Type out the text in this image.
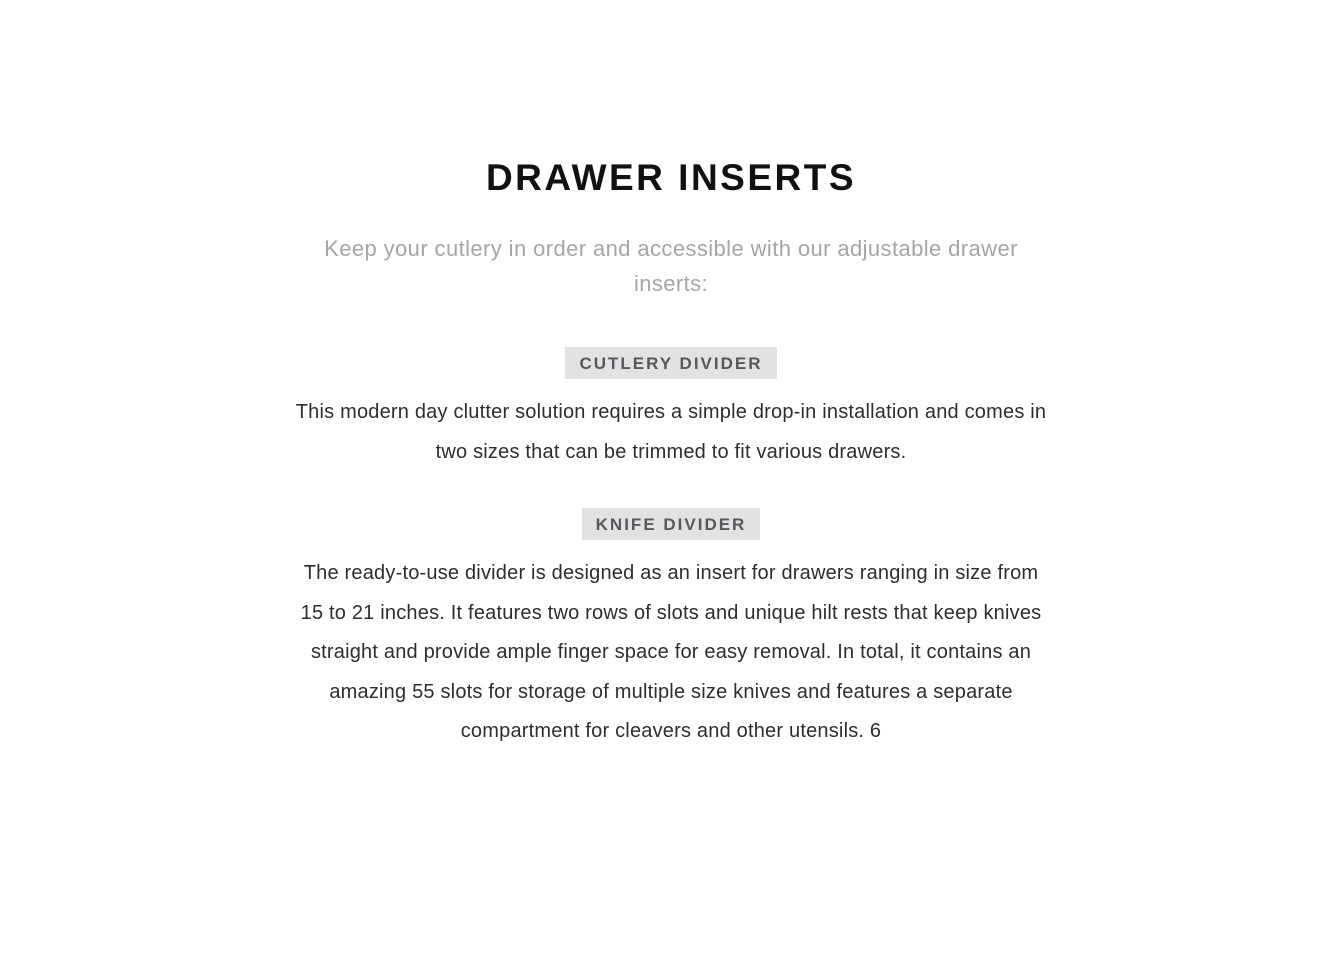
DRAWER INSERTS

Keep your cutlery in order and accessible with our adjustable drawer inserts:

CUTLERY DIVIDER

This modern day clutter solution requires a simple drop-in installation and comes in two sizes that can be trimmed to fit various drawers.

KNIFE DIVIDER

The ready-to-use divider is designed as an insert for drawers ranging in size from 15 to 21 inches. It features two rows of slots and unique hilt rests that keep knives straight and provide ample finger space for easy removal. In total, it contains an amazing 55 slots for storage of multiple size knives and features a separate compartment for cleavers and other utensils. 6
